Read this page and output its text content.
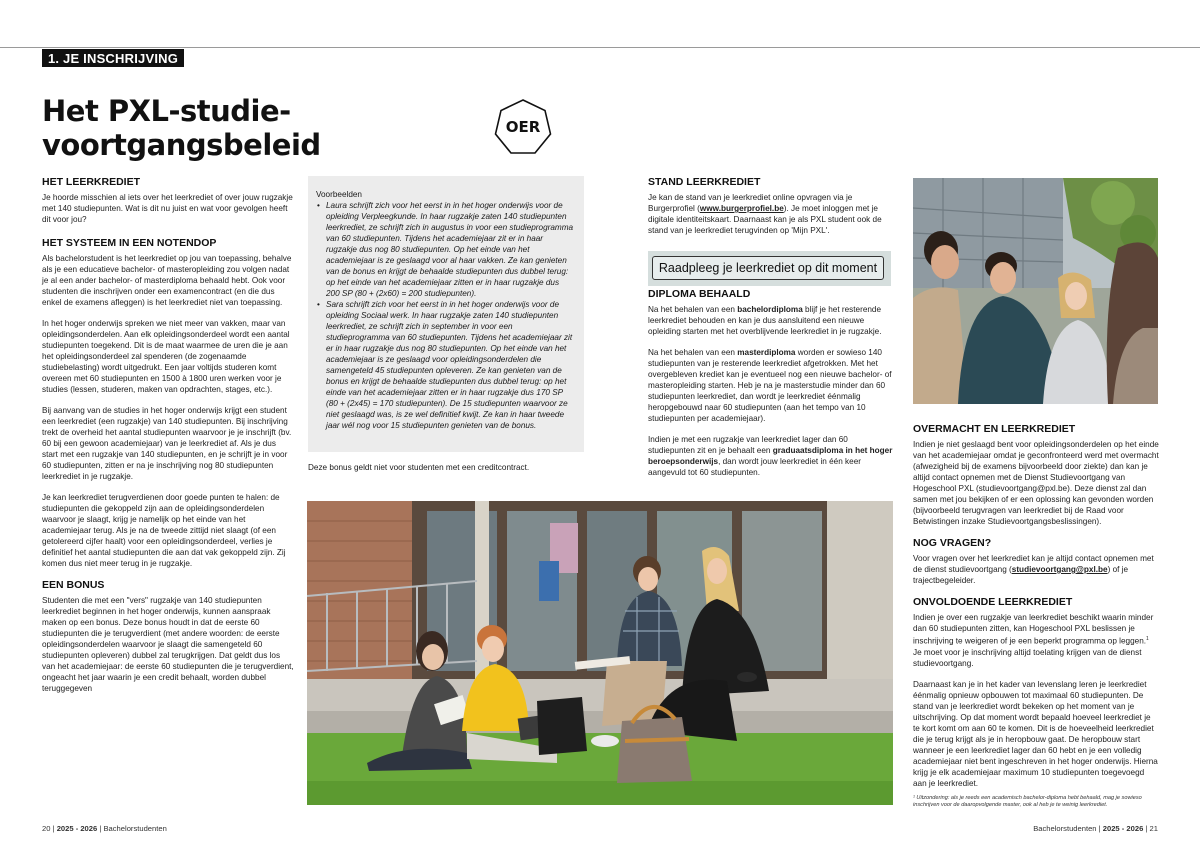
1. JE INSCHRIJVING
Het PXL-studie-voortgangsbeleid
OER
HET LEERKREDIET

Je hoorde misschien al iets over het leerkrediet of over jouw rugzakje met 140 studiepunten. Wat is dit nu juist en wat voor gevolgen heeft dit voor jou?

HET SYSTEEM IN EEN NOTENDOP

Als bachelorstudent is het leerkrediet op jou van toepassing, behalve als je een educatieve bachelor- of masteropleiding zou volgen nadat je al een ander bachelor- of masterdiploma behaald hebt. Ook voor studenten die inschrijven onder een examencontract (en die dus enkel de examens afleggen) is het leerkrediet niet van toepassing.

In het hoger onderwijs spreken we niet meer van vakken, maar van opleidingsonderdelen. Aan elk opleidingsonderdeel wordt een aantal studiepunten toegekend. Dit is de maat waarmee de uren die je aan het opleidingsonderdeel zal spenderen (de zogenaamde studiebelasting) wordt uitgedrukt. Een jaar voltijds studeren komt overeen met 60 studiepunten en 1500 à 1800 uren werken voor je studies (lessen, studeren, maken van opdrachten, stages, etc.).

Bij aanvang van de studies in het hoger onderwijs krijgt een student een leerkrediet (een rugzakje) van 140 studiepunten. Bij inschrijving trekt de overheid het aantal studiepunten waarvoor je je inschrijft (bv. 60 bij een gewoon academiejaar) van je leerkrediet af. Als je dus start met een rugzakje van 140 studiepunten, en je schrijft je in voor 60 studiepunten, zitten er na je inschrijving nog 80 studiepunten leerkrediet in je rugzakje.

Je kan leerkrediet terugverdienen door goede punten te halen: de studiepunten die gekoppeld zijn aan de opleidingsonderdelen waarvoor je slaagt, krijg je namelijk op het einde van het academiejaar terug. Als je na de tweede zittijd niet slaagt (of een getolereerd cijfer haalt) voor een opleidingsonderdeel, verlies je definitief het aantal studiepunten die aan dat vak gekoppeld zijn. Zij komen dus niet meer terug in je rugzakje.

EEN BONUS

Studenten die met een "vers" rugzakje van 140 studiepunten leerkrediet beginnen in het hoger onderwijs, kunnen aanspraak maken op een bonus. Deze bonus houdt in dat de eerste 60 studiepunten die je terugverdient (met andere woorden: de eerste opleidingsonderdelen waarvoor je slaagt die samengeteld 60 studiepunten opleveren) dubbel zal terugkrijgen. Dat geldt dus los van het academiejaar: de eerste 60 studiepunten die je terugverdient, ongeacht het jaar waarin je een credit behaalt, worden dubbel teruggegeven

Voorbeelden
• Laura schrijft zich voor het eerst in in het hoger onderwijs voor de opleiding Verpleegkunde. In haar rugzakje zaten 140 studiepunten leerkrediet, ze schrijft zich in augustus in voor een studieprogramma van 60 studiepunten. Tijdens het academiejaar zit er in haar rugzakje dus nog 80 studiepunten. Op het einde van het academiejaar is ze geslaagd voor al haar vakken. Ze kan genieten van de bonus en krijgt de behaalde studiepunten dus dubbel terug: op het einde van het academiejaar zitten er in haar rugzakje dus 200 SP (80 + (2x60) = 200 studiepunten).
• Sara schrijft zich voor het eerst in in het hoger onderwijs voor de opleiding Sociaal werk. In haar rugzakje zaten 140 studiepunten leerkrediet, ze schrijft zich in september in voor een studieprogramma van 60 studiepunten. Tijdens het academiejaar zit er in haar rugzakje dus nog 80 studiepunten. Op het einde van het academiejaar is ze geslaagd voor opleidingsonderdelen die samengeteld 45 studiepunten opleveren. Ze kan genieten van de bonus en krijgt de behaalde studiepunten dus dubbel terug: op het einde van het academiejaar zitten er in haar rugzakje dus 170 SP (80 + (2x45) = 170 studiepunten). De 15 studiepunten waarvoor ze niet geslaagd was, is ze wel definitief kwijt. Ze kan in haar tweede jaar wél nog voor 15 studiepunten genieten van de bonus.
Deze bonus geldt niet voor studenten met een creditcontract.
STAND LEERKREDIET

Je kan de stand van je leerkrediet online opvragen via je Burgerprofiel (www.burgerprofiel.be). Je moet inloggen met je digitale identiteitskaart. Daarnaast kan je als PXL student ook de stand van je leerkrediet terugvinden op 'Mijn PXL'.

DIPLOMA BEHAALD

Na het behalen van een bachelordiploma blijf je het resterende leerkrediet behouden en kan je dus aansluitend een nieuwe opleiding starten met het overblijvende leerkrediet in je rugzakje.

Na het behalen van een masterdiploma worden er sowieso 140 studiepunten van je resterende leerkrediet afgetrokken. Met het overgebleven krediet kan je eventueel nog een nieuwe bachelor- of masteropleiding starten. Heb je na je masterstudie minder dan 60 studiepunten leerkrediet, dan wordt je leerkrediet éénmalig heropgebouwd naar 60 studiepunten (aan het tempo van 10 studiepunten per academiejaar).

Indien je met een rugzakje van leerkrediet lager dan 60 studiepunten zit en je behaalt een graduaatsdiploma in het hoger beroepsonderwijs, dan wordt jouw leerkrediet in één keer aangevuld tot 60 studiepunten.

Raadpleeg je leerkrediet op dit moment
OVERMACHT EN LEERKREDIET

Indien je niet geslaagd bent voor opleidingsonderdelen op het einde van het academiejaar omdat je geconfronteerd werd met overmacht (afwezigheid bij de examens bijvoorbeeld door ziekte) dan kan je altijd contact opnemen met de Dienst Studievoortgang van Hogeschool PXL (studievoortgang@pxl.be). Deze dienst zal dan samen met jou bekijken of er een oplossing kan gevonden worden (bijvoorbeeld terugvragen van leerkrediet bij de Raad voor Betwistingen inzake Studievoortgangsbeslissingen).

NOG VRAGEN?

Voor vragen over het leerkrediet kan je altijd contact opnemen met de dienst studievoortgang (studievoortgang@pxl.be) of je trajectbegeleider.

ONVOLDOENDE LEERKREDIET

Indien je over een rugzakje van leerkrediet beschikt waarin minder dan 60 studiepunten zitten, kan Hogeschool PXL beslissen je inschrijving te weigeren of je een beperkt programma op leggen.$^1$ Je moet voor je inschrijving altijd toelating krijgen van de dienst studievoortgang.

Daarnaast kan je in het kader van levenslang leren je leerkrediet éénmalig opnieuw opbouwen tot maximaal 60 studiepunten. De stand van je leerkrediet wordt bekeken op het moment van je uitschrijving. Op dat moment wordt bepaald hoeveel leerkrediet je te kort komt om aan 60 te komen. Dit is de hoeveelheid leerkrediet die je terug krijgt als je in heropbouw gaat. De heropbouw start wanneer je een leerkrediet lager dan 60 hebt en je een volledig academiejaar niet bent ingeschreven in het hoger onderwijs. Hierna krijg je elk academiejaar maximum 10 studiepunten toegevoegd aan je leerkrediet.

¹ Uitzondering: als je reeds een academisch bachelor-diploma hebt behaald, mag je sowieso inschrijven voor de daaropvolgende master, ook al heb je te weinig leerkrediet.
20 | 2025 - 2026 | Bachelorstudenten	Bachelorstudenten | 2025 - 2026 | 21
